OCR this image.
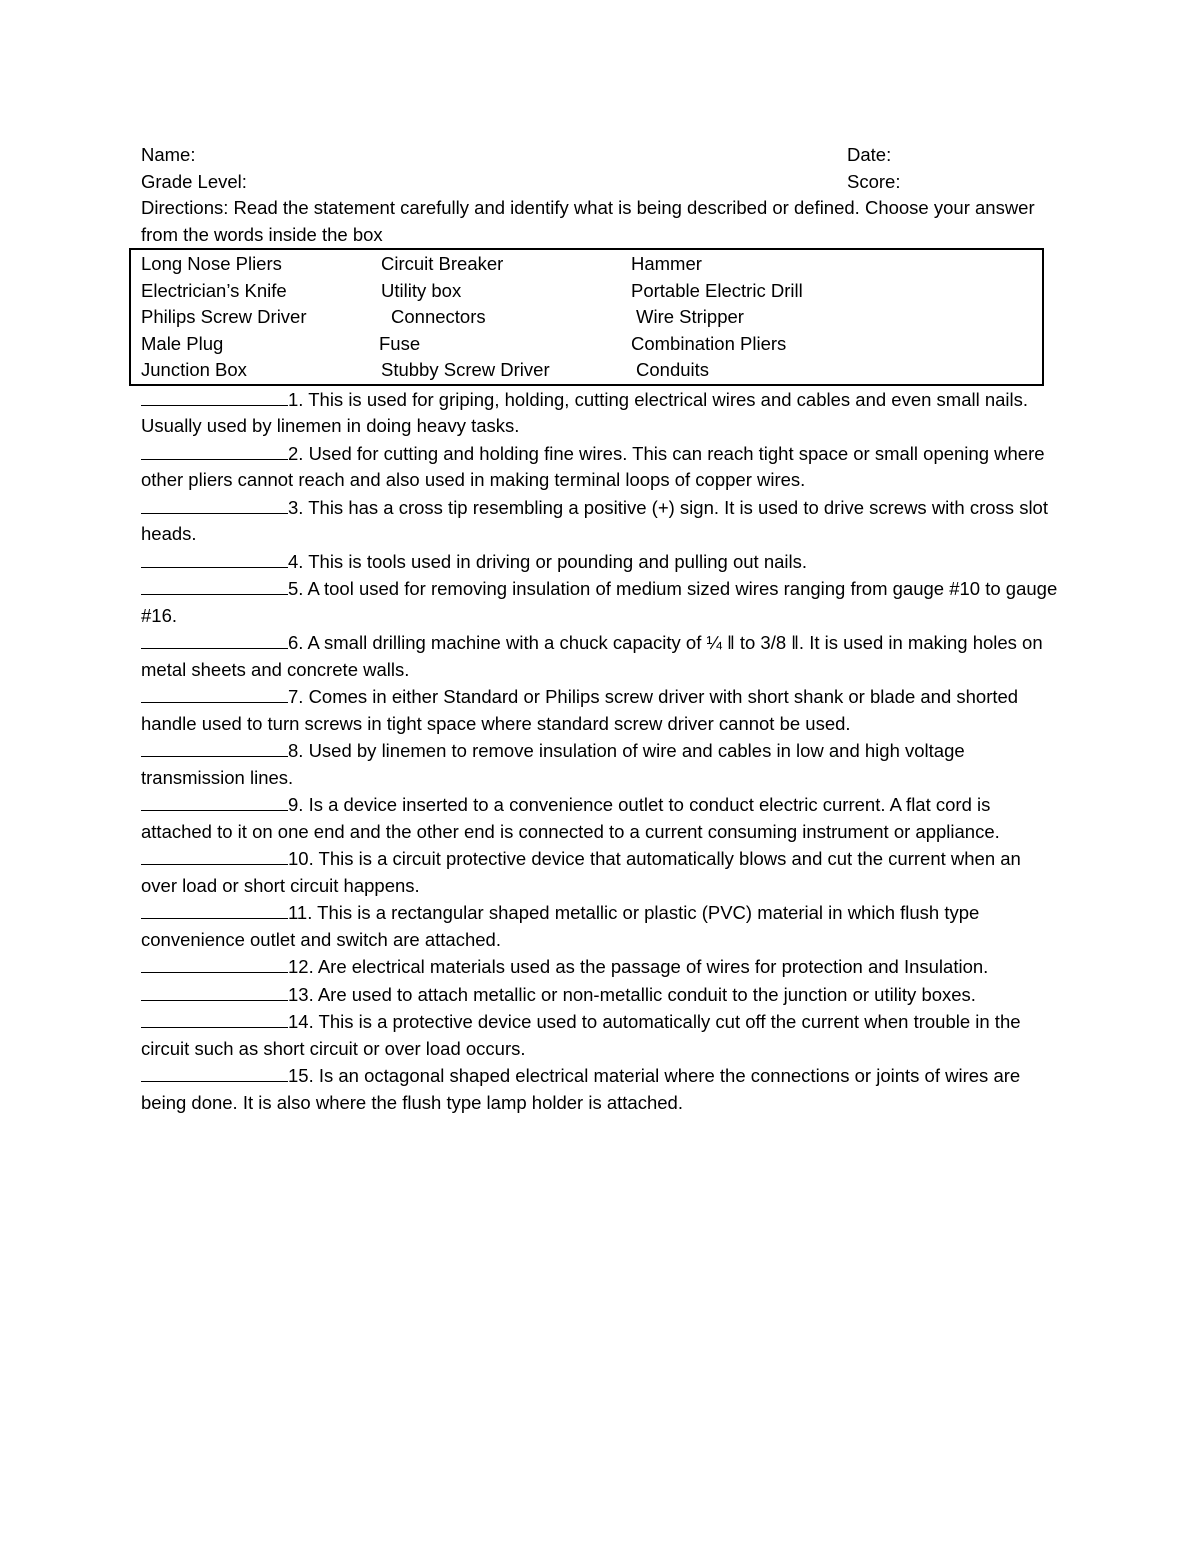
Name:	Date:
Grade Level:	Score:

Directions: Read the statement carefully and identify what is being described or defined. Choose your answer from the words inside the box

Long Nose Pliers	Circuit Breaker	Hammer
Electrician’s Knife	Utility box	Portable Electric Drill
Philips Screw Driver	Connectors	Wire Stripper
Male Plug	Fuse	Combination Pliers
Junction Box	Stubby Screw Driver	Conduits

1. This is used for griping, holding, cutting electrical wires and cables and even small nails. Usually used by linemen in doing heavy tasks.

2. Used for cutting and holding fine wires. This can reach tight space or small opening where other pliers cannot reach and also used in making terminal loops of copper wires.

3. This has a cross tip resembling a positive (+) sign. It is used to drive screws with cross slot heads.

4. This is tools used in driving or pounding and pulling out nails.

5. A tool used for removing insulation of medium sized wires ranging from gauge #10 to gauge #16.

6. A small drilling machine with a chuck capacity of ¼ ‖ to 3/8 ‖. It is used in making holes on metal sheets and concrete walls.

7. Comes in either Standard or Philips screw driver with short shank or blade and shorted handle used to turn screws in tight space where standard screw driver cannot be used.

8. Used by linemen to remove insulation of wire and cables in low and high voltage transmission lines.

9. Is a device inserted to a convenience outlet to conduct electric current. A flat cord is attached to it on one end and the other end is connected to a current consuming instrument or appliance.

10. This is a circuit protective device that automatically blows and cut the current when an over load or short circuit happens.

11. This is a rectangular shaped metallic or plastic (PVC) material in which flush type convenience outlet and switch are attached.

12. Are electrical materials used as the passage of wires for protection and Insulation.

13. Are used to attach metallic or non-metallic conduit to the junction or utility boxes.

14. This is a protective device used to automatically cut off the current when trouble in the circuit such as short circuit or over load occurs.

15. Is an octagonal shaped electrical material where the connections or joints of wires are being done. It is also where the flush type lamp holder is attached.
